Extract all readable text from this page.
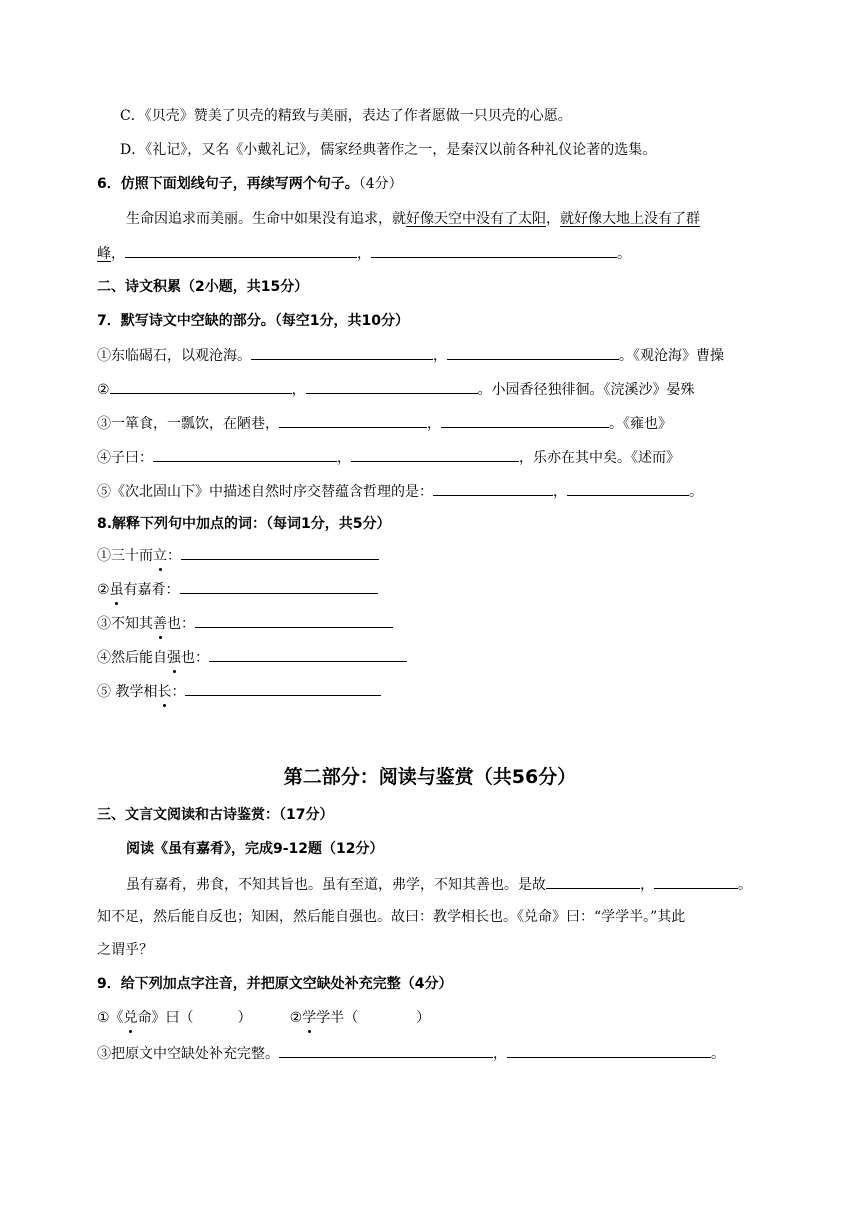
C．《贝壳》赞美了贝壳的精致与美丽，表达了作者愿做一只贝壳的心愿。
D．《礼记》，又名《小戴礼记》，儒家经典著作之一，是秦汉以前各种礼仪论著的选集。
6．仿照下面划线句子，再续写两个句子。（4分）
生命因追求而美丽。生命中如果没有追求，就好像天空中没有了太阳，就好像大地上没有了群
峰，	，	。
二、诗文积累（2小题，共15分）
7．默写诗文中空缺的部分。（每空1分，共10分）
①东临碣石，以观沧海。	，	。《观沧海》曹操
②	，	。小园香径独徘徊。《浣溪沙》晏殊
③一箪食，一瓢饮，在陋巷，	，	。《雍也》
④子曰：	，	，乐亦在其中矣。《述而》
⑤《次北固山下》中描述自然时序交替蕴含哲理的是：	，	。
8.解释下列句中加点的词：（每词1分，共5分）
①三十而立：
②虽有嘉肴：
③不知其善也：
④然后能自强也：
⑤ 教学相长：
第二部分：阅读与鉴赏（共56分）
三、文言文阅读和古诗鉴赏：（17分）
阅读《虽有嘉肴》，完成9-12题（12分）
虽有嘉肴，弗食，不知其旨也。虽有至道，弗学，不知其善也。是故	，	。
知不足，然后能自反也；知困，然后能自强也。故曰：教学相长也。《兑命》曰：“学学半。”其此
之谓乎？
9．给下列加点字注音，并把原文空缺处补充完整（4分）
①《兑命》曰（	）	②学学半（	）
③把原文中空缺处补充完整。	，	。
